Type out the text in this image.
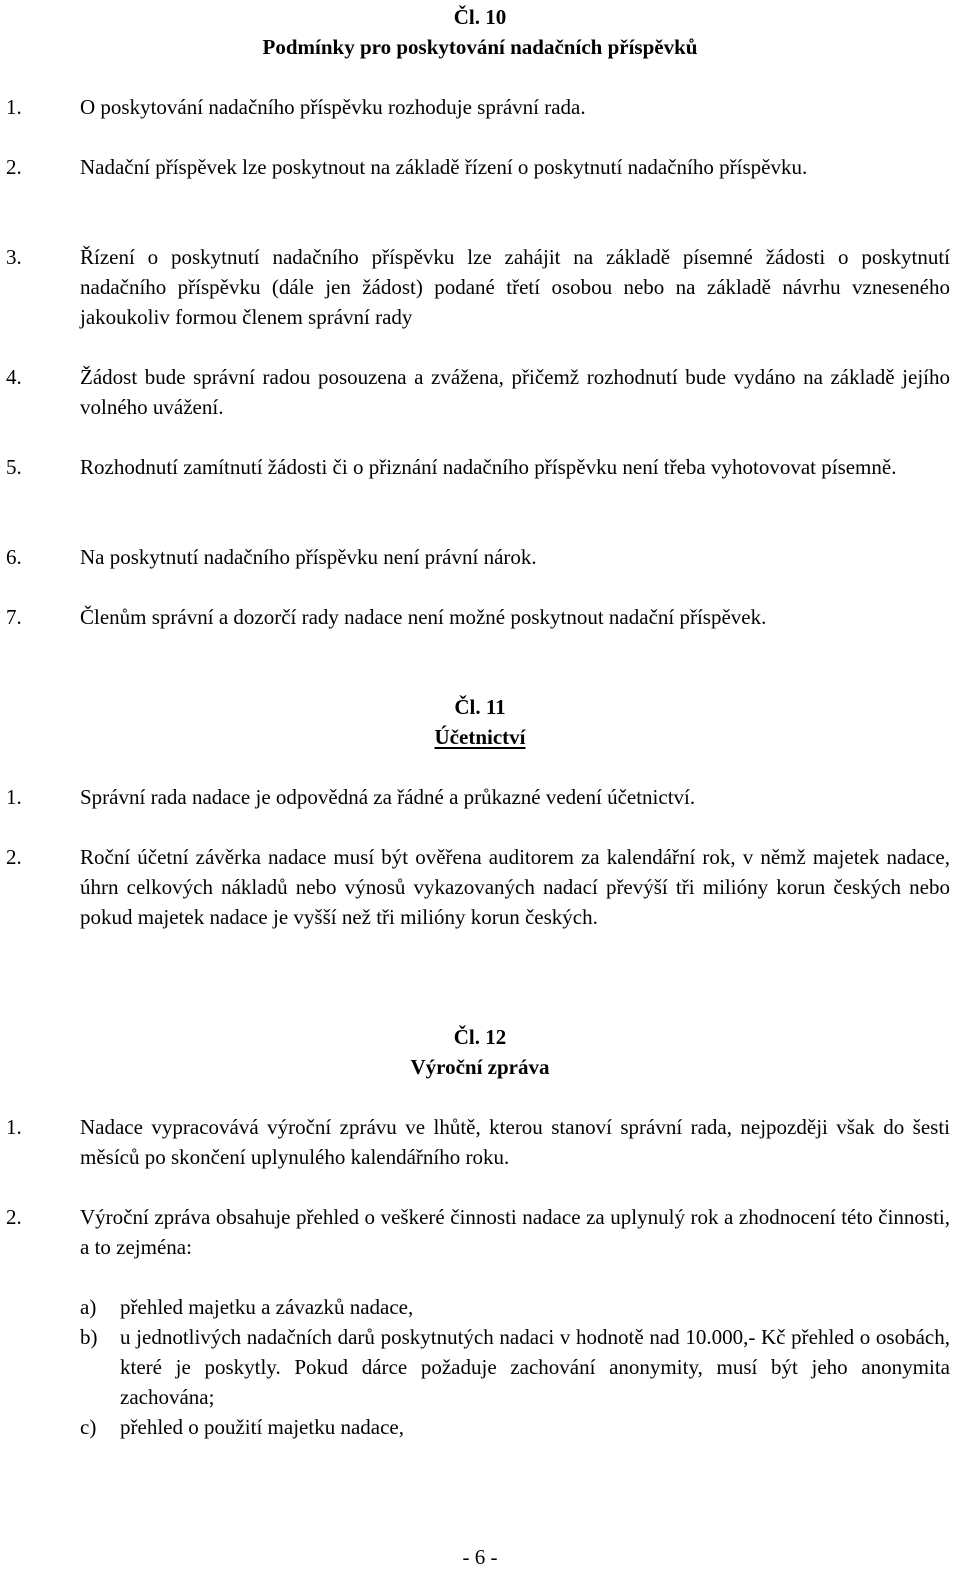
Čl. 10
Podmínky pro poskytování nadačních příspěvků
1.	O poskytování nadačního příspěvku rozhoduje správní rada.
2.	Nadační příspěvek lze poskytnout na základě řízení o poskytnutí nadačního příspěvku.
3.	Řízení o poskytnutí nadačního příspěvku lze zahájit na základě písemné žádosti o poskytnutí nadačního příspěvku (dále jen žádost) podané třetí osobou nebo na základě návrhu vzneseného jakoukoliv formou členem správní rady
4.	Žádost bude správní radou posouzena a zvážena, přičemž rozhodnutí bude vydáno na základě jejího volného uvážení.
5.	Rozhodnutí zamítnutí žádosti či o přiznání nadačního příspěvku není třeba vyhotovovat písemně.
6.	Na poskytnutí nadačního příspěvku není právní nárok.
7.	Členům správní a dozorčí rady nadace není možné poskytnout nadační příspěvek.
Čl. 11
Účetnictví
1.	Správní rada nadace je odpovědná za řádné a průkazné vedení účetnictví.
2.	Roční účetní závěrka nadace musí být ověřena auditorem za kalendářní rok, v němž majetek nadace, úhrn celkových nákladů nebo výnosů vykazovaných nadací převýší tři milióny korun českých nebo pokud majetek nadace je vyšší než tři milióny korun českých.
Čl. 12
Výroční zpráva
1.	Nadace vypracovává výroční zprávu ve lhůtě, kterou stanoví správní rada, nejpozději však do šesti měsíců po skončení uplynulého kalendářního roku.
2.	Výroční zpráva obsahuje přehled o veškeré činnosti nadace za uplynulý rok a zhodnocení této činnosti, a to zejména:
a) přehled majetku a závazků nadace,
b) u jednotlivých nadačních darů poskytnutých nadaci v hodnotě nad 10.000,- Kč přehled o osobách, které je poskytly. Pokud dárce požaduje zachování anonymity, musí být jeho anonymita zachována;
c) přehled o použití majetku nadace,
- 6 -
